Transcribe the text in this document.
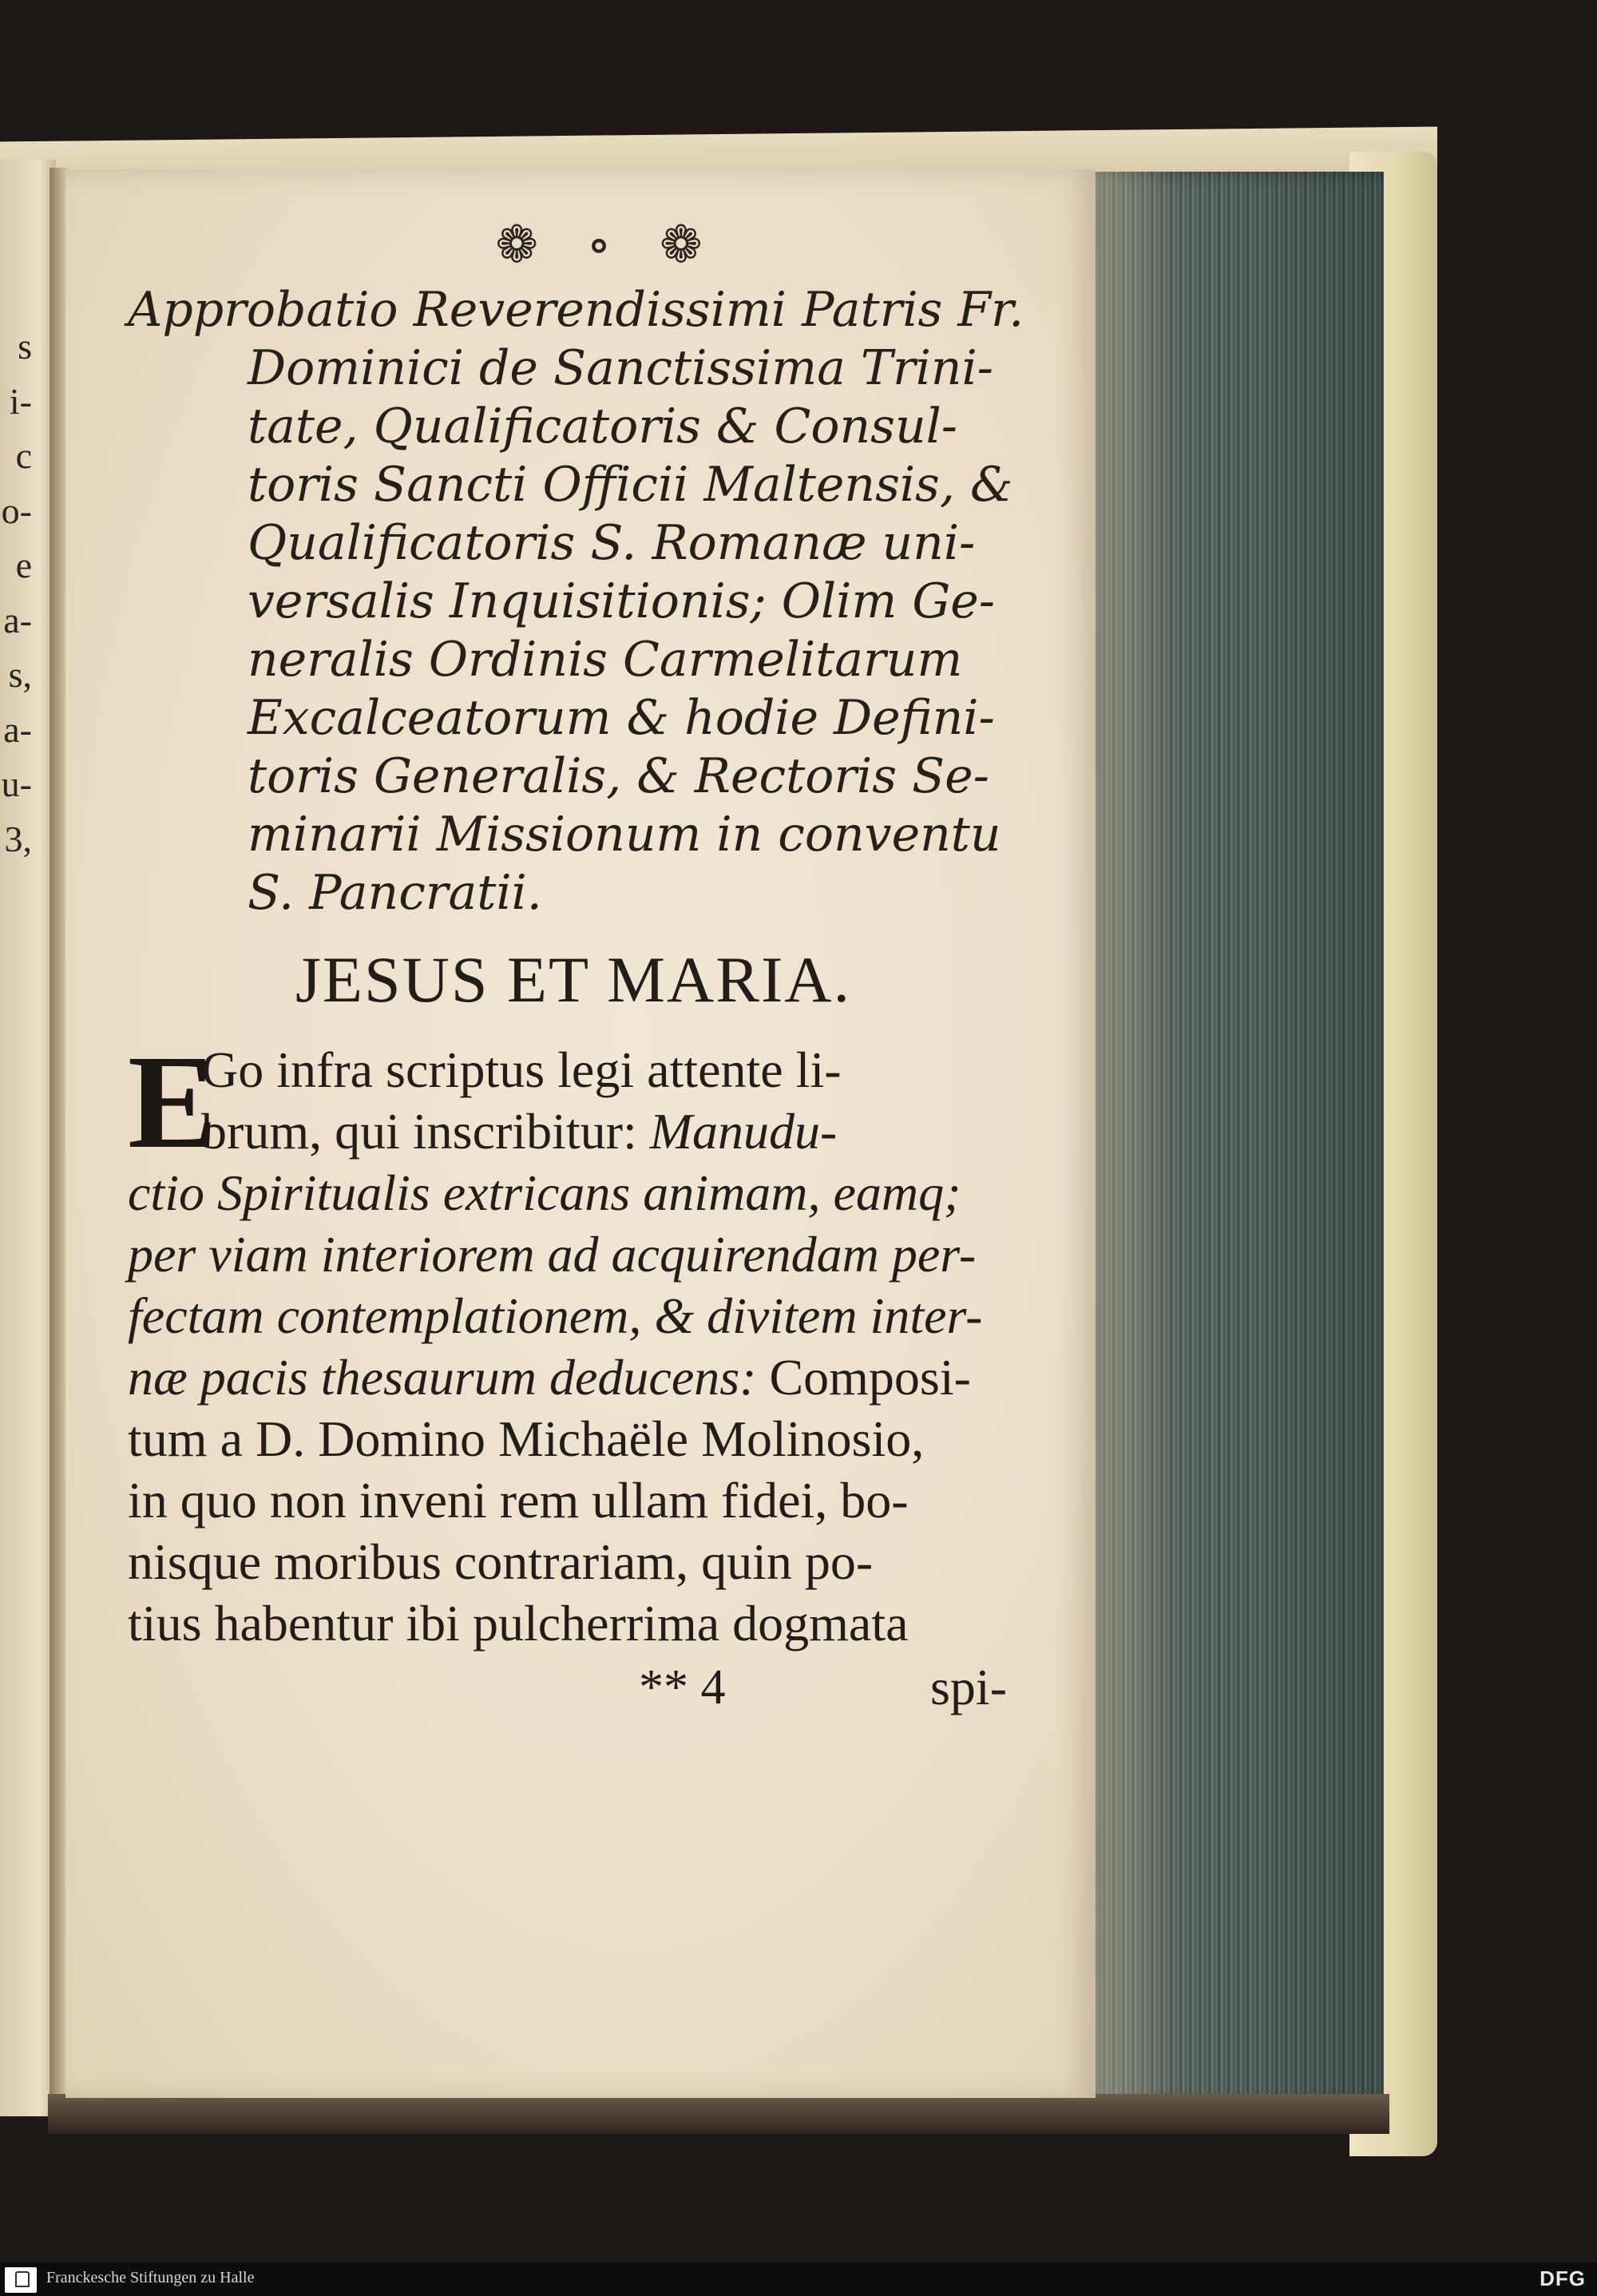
s
i-
c
o-
e
a-
s,
a-
u-
3,
❁ ∘ ❁
Approbatio Reverendissimi Patris Fr.
Dominici de Sanctissima Trini-
tate, Qualificatoris & Consul-
toris Sancti Officii Maltensis, &
Qualificatoris S. Romanæ uni-
versalis Inquisitionis; Olim Ge-
neralis Ordinis Carmelitarum
Excalceatorum & hodie Defini-
toris Generalis, & Rectoris Se-
minarii Missionum in conventu
S. Pancratii.
JESUS ET MARIA.
E
Go infra scriptus legi attente li-
brum, qui inscribitur: Manudu-
ctio Spiritualis extricans animam, eamq;
per viam interiorem ad acquirendam per-
fectam contemplationem, & divitem inter-
næ pacis thesaurum deducens: Composi-
tum a D. Domino Michaële Molinosio,
in quo non inveni rem ullam fidei, bo-
nisque moribus contrariam, quin po-
tius habentur ibi pulcherrima dogmata
** 4	spi-
Franckesche Stiftungen zu Halle	DFG
